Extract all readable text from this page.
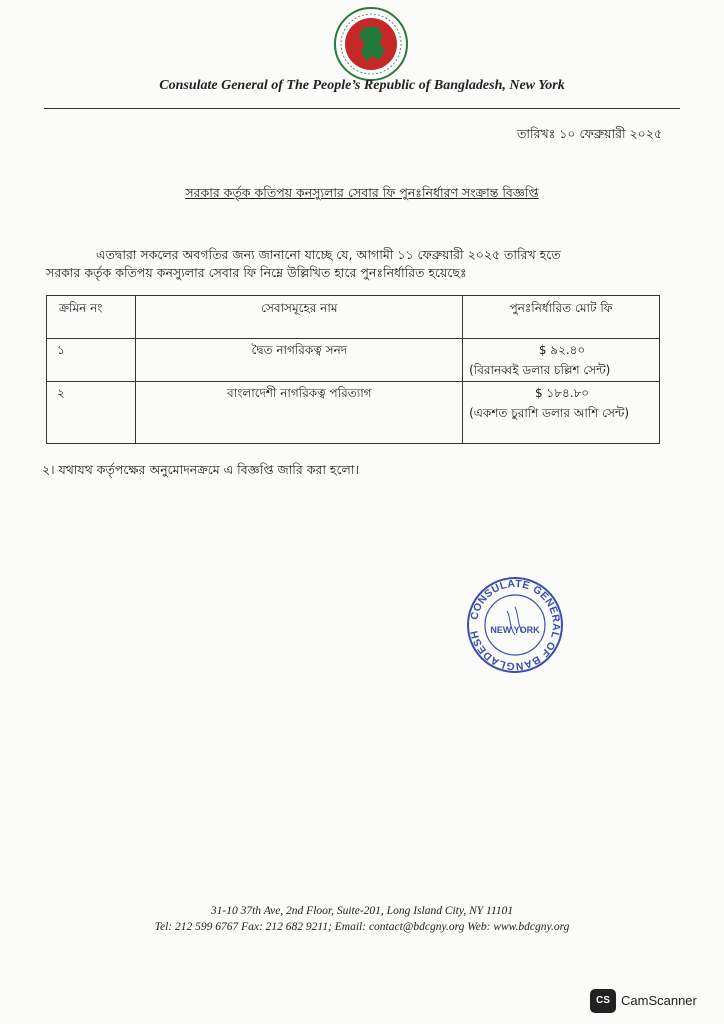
Consulate General of The People’s Republic of Bangladesh, New York
তারিখঃ ১০ ফেব্রুয়ারী ২০২৫
সরকার কর্তৃক কতিপয় কনস্যুলার সেবার ফি পুনঃনির্ধারণ সংক্রান্ত বিজ্ঞপ্তি
এতদ্বারা সকলের অবগতির জন্য জানানো যাচ্ছে যে, আগামী ১১ ফেব্রুয়ারী ২০২৫ তারিখ হতে
সরকার কর্তৃক কতিপয় কনস্যুলার সেবার ফি নিম্নে উল্লিখিত হারে পুনঃনির্ধারিত হয়েছেঃ
ক্রমিন নং	সেবাসমূহের নাম	পুনঃনির্ধারিত মোট ফি
১	দ্বৈত নাগরিকত্ব সনদ	$ ৯২.৪০
(বিরানব্বই ডলার চল্লিশ সেন্ট)

২	বাংলাদেশী নাগরিকত্ব পরিত্যাগ	$ ১৮৪.৮০
(একশত চুরাশি ডলার আশি সেন্ট)
২। যথাযথ কর্তৃপক্ষের অনুমোদনক্রমে এ বিজ্ঞপ্তি জারি করা হলো।
CONSULATE GENERAL OF BANGLADESH NEW YORK
31-10 37th Ave, 2nd Floor, Suite-201, Long Island City, NY 11101
Tel: 212 599 6767 Fax: 212 682 9211; Email: contact@bdcgny.org Web: www.bdcgny.org
CS CamScanner
